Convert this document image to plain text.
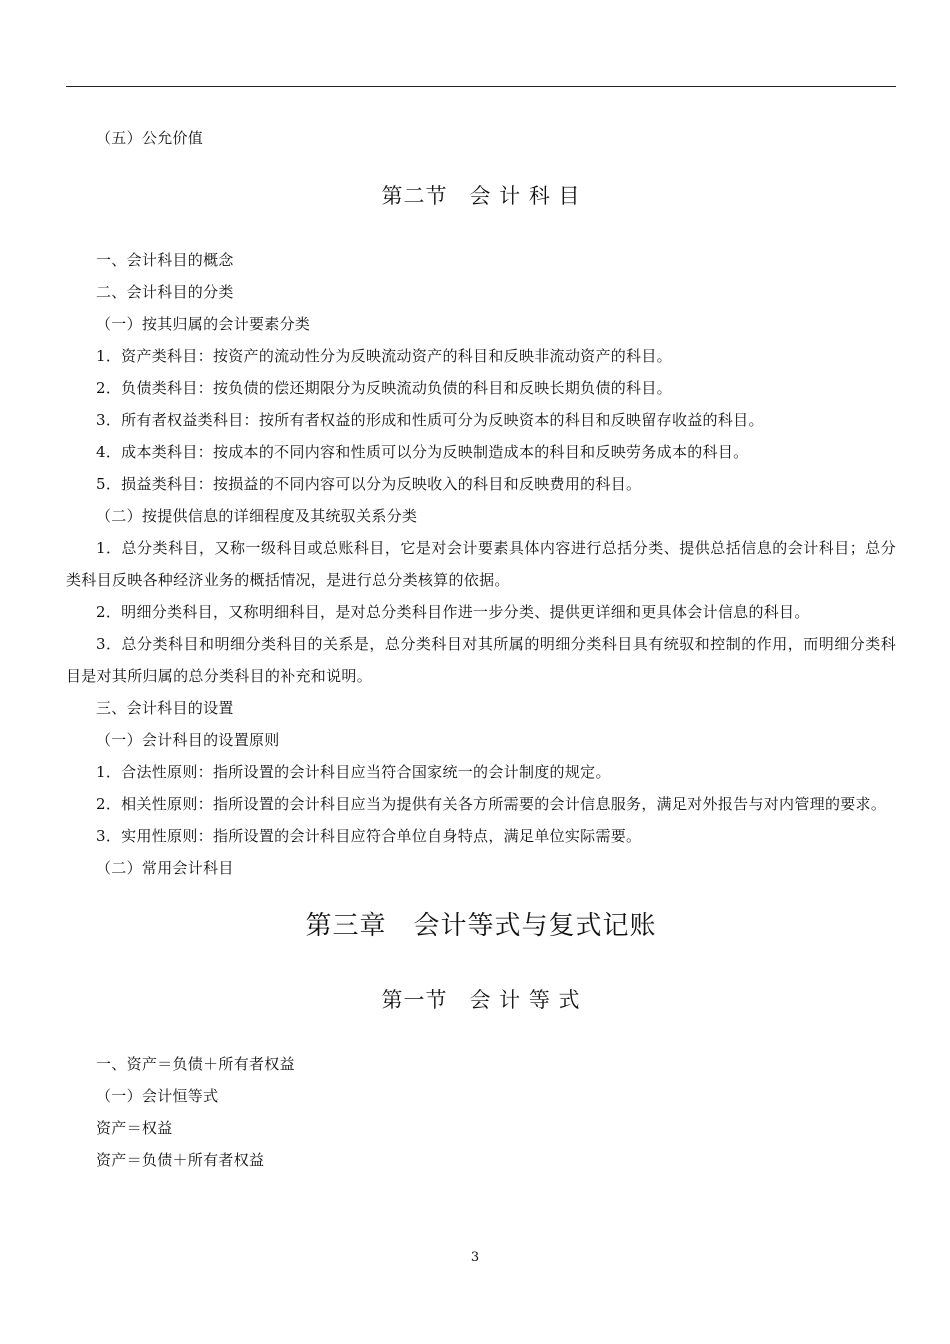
（五）公允价值
第二节　会 计 科 目
一、会计科目的概念
二、会计科目的分类
（一）按其归属的会计要素分类
1．资产类科目：按资产的流动性分为反映流动资产的科目和反映非流动资产的科目。
2．负债类科目：按负债的偿还期限分为反映流动负债的科目和反映长期负债的科目。
3．所有者权益类科目：按所有者权益的形成和性质可分为反映资本的科目和反映留存收益的科目。
4．成本类科目：按成本的不同内容和性质可以分为反映制造成本的科目和反映劳务成本的科目。
5．损益类科目：按损益的不同内容可以分为反映收入的科目和反映费用的科目。
（二）按提供信息的详细程度及其统驭关系分类
1．总分类科目，又称一级科目或总账科目，它是对会计要素具体内容进行总括分类、提供总括信息的会计科目；总分类科目反映各种经济业务的概括情况，是进行总分类核算的依据。
2．明细分类科目，又称明细科目，是对总分类科目作进一步分类、提供更详细和更具体会计信息的科目。
3．总分类科目和明细分类科目的关系是，总分类科目对其所属的明细分类科目具有统驭和控制的作用，而明细分类科目是对其所归属的总分类科目的补充和说明。
三、会计科目的设置
（一）会计科目的设置原则
1．合法性原则：指所设置的会计科目应当符合国家统一的会计制度的规定。
2．相关性原则：指所设置的会计科目应当为提供有关各方所需要的会计信息服务，满足对外报告与对内管理的要求。
3．实用性原则：指所设置的会计科目应符合单位自身特点，满足单位实际需要。
（二）常用会计科目
第三章　会计等式与复式记账
第一节　会 计 等 式
一、资产＝负债＋所有者权益
（一）会计恒等式
资产＝权益
资产＝负债＋所有者权益
3
